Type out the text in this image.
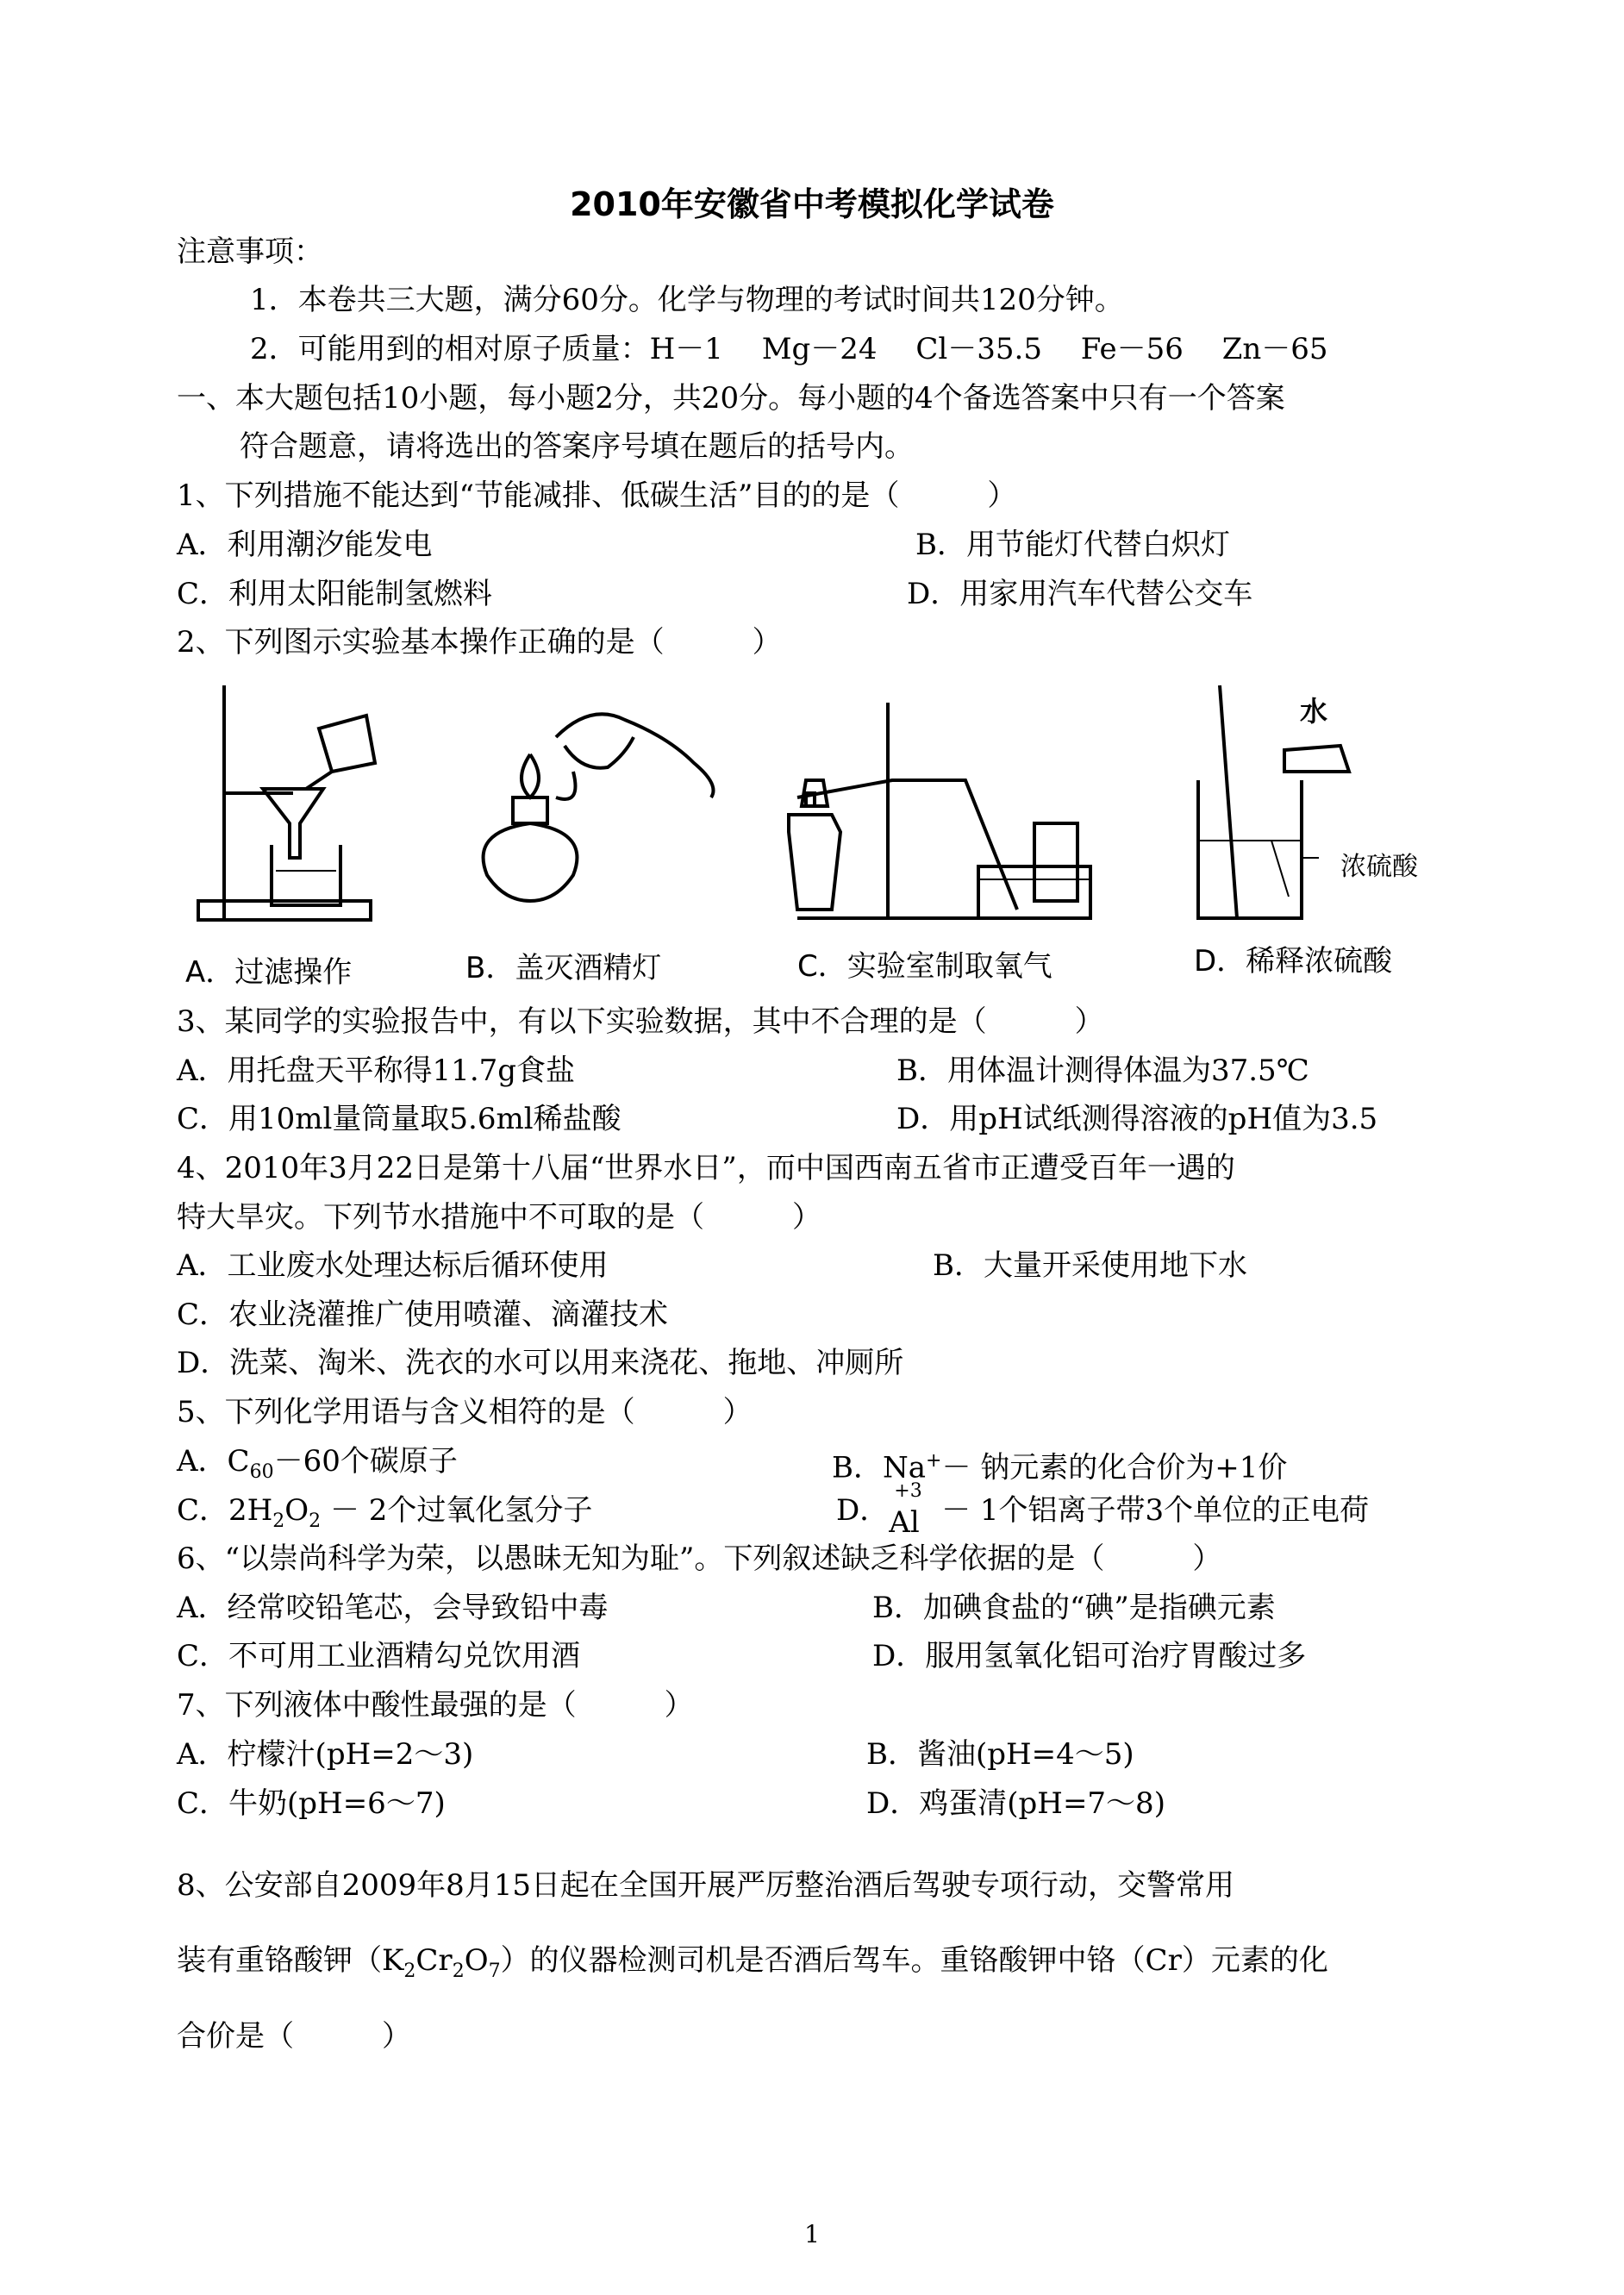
2010年安徽省中考模拟化学试卷
注意事项：
1．本卷共三大题，满分60分。化学与物理的考试时间共120分钟。
2．可能用到的相对原子质量：H－1　 Mg－24　 Cl－35.5　 Fe－56　 Zn－65
一、本大题包括10小题，每小题2分，共20分。每小题的4个备选答案中只有一个答案
符合题意，请将选出的答案序号填在题后的括号内。
1、下列措施不能达到“节能减排、低碳生活”目的的是（　　　）
A．利用潮汐能发电	B．用节能灯代替白炽灯
C．利用太阳能制氢燃料	D．用家用汽车代替公交车
2、下列图示实验基本操作正确的是（　　　）
水
浓硫酸
A．过滤操作	B．盖灭酒精灯	C．实验室制取氧气	D．稀释浓硫酸
3、某同学的实验报告中，有以下实验数据，其中不合理的是（　　　）
A．用托盘天平称得11.7g食盐	B．用体温计测得体温为37.5℃
C．用10ml量筒量取5.6ml稀盐酸	D．用pH试纸测得溶液的pH值为3.5
4、2010年3月22日是第十八届“世界水日”，而中国西南五省市正遭受百年一遇的
特大旱灾。下列节水措施中不可取的是（　　　）
A．工业废水处理达标后循环使用	B．大量开采使用地下水
C．农业浇灌推广使用喷灌、滴灌技术
D．洗菜、淘米、洗衣的水可以用来浇花、拖地、冲厕所
5、下列化学用语与含义相符的是（　　　）
A．$C_{60}-60$个碳原子	B．Na+－ 钠元素的化合价为+1价
C．$2H_2O_2 - 2$个过氧化氢分子	D．
+3
Al － 1个铝离子带3个单位的正电荷
6、“以崇尚科学为荣，以愚昧无知为耻”。下列叙述缺乏科学依据的是（　　　）
A．经常咬铅笔芯，会导致铅中毒	B．加碘食盐的“碘”是指碘元素
C．不可用工业酒精勾兑饮用酒	D．服用氢氧化铝可治疗胃酸过多
7、下列液体中酸性最强的是（　　　）
A．柠檬汁(pH=2～3)	B．酱油(pH=4～5)
C．牛奶(pH=6～7)	D．鸡蛋清(pH=7～8)
8、公安部自2009年8月15日起在全国开展严厉整治酒后驾驶专项行动，交警常用
装有重铬酸钾$(K_2Cr_2O_7)$的仪器检测司机是否酒后驾车。重铬酸钾中铬（Cr）元素的化
合价是（　　　）
1
